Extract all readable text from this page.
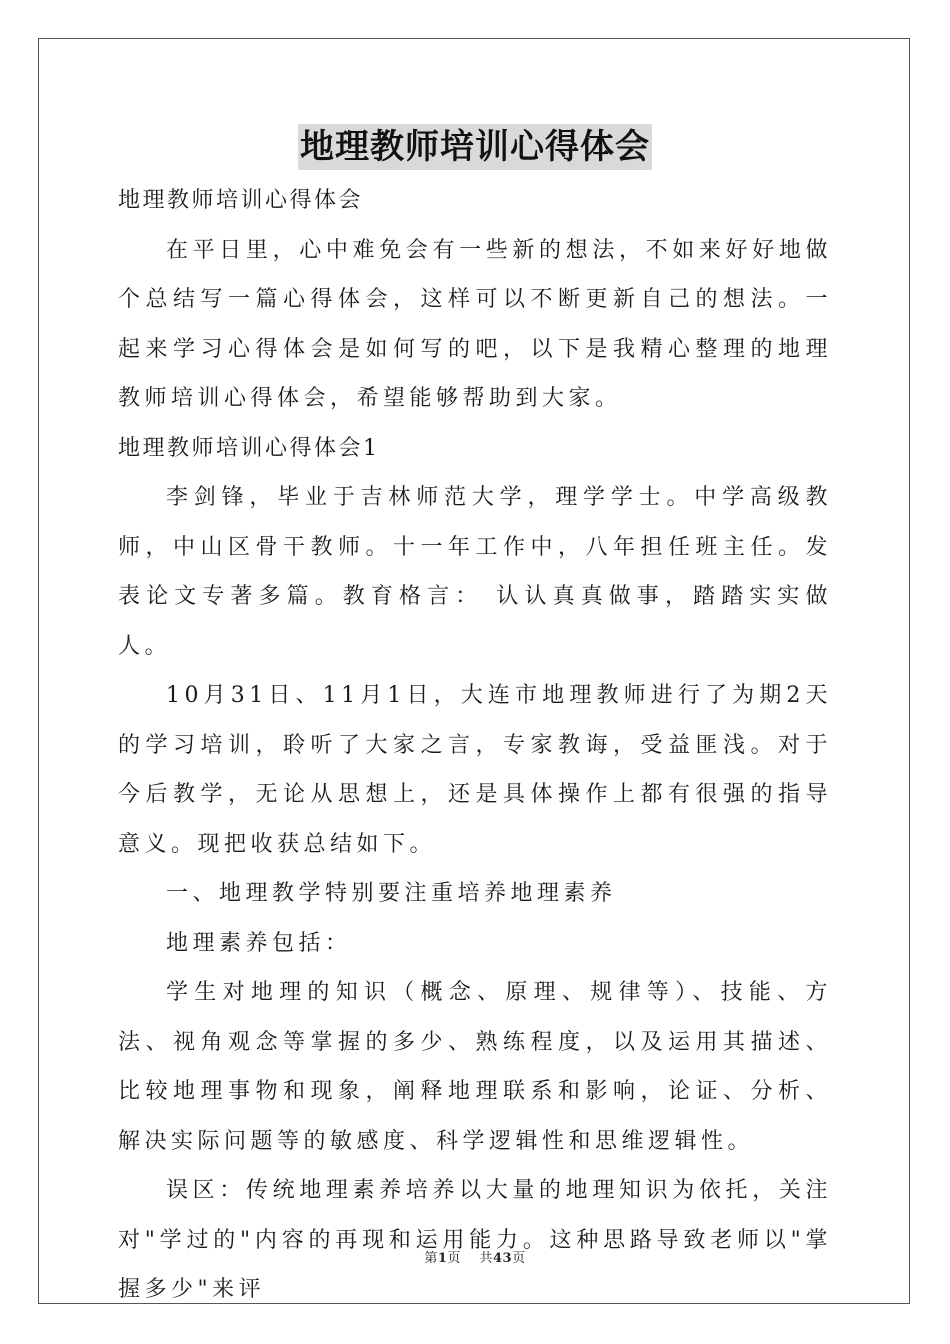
地理教师培训心得体会

地理教师培训心得体会

在平日里，心中难免会有一些新的想法，不如来好好地做个总结写一篇心得体会，这样可以不断更新自己的想法。一起来学习心得体会是如何写的吧，以下是我精心整理的地理教师培训心得体会，希望能够帮助到大家。

地理教师培训心得体会1

李剑锋，毕业于吉林师范大学，理学学士。中学高级教师，中山区骨干教师。十一年工作中，八年担任班主任。发表论文专著多篇。教育格言： 认认真真做事，踏踏实实做人。

10月31日、11月1日，大连市地理教师进行了为期2天的学习培训，聆听了大家之言，专家教诲，受益匪浅。对于今后教学，无论从思想上，还是具体操作上都有很强的指导意义。现把收获总结如下。

一、地理教学特别要注重培养地理素养

地理素养包括：

学生对地理的知识（概念、原理、规律等）、技能、方法、视角观念等掌握的多少、熟练程度，以及运用其描述、比较地理事物和现象，阐释地理联系和影响，论证、分析、解决实际问题等的敏感度、科学逻辑性和思维逻辑性。

误区：传统地理素养培养以大量的地理知识为依托，关注对"学过的"内容的再现和运用能力。这种思路导致老师以"掌握多少"来评

第1页    共43页
